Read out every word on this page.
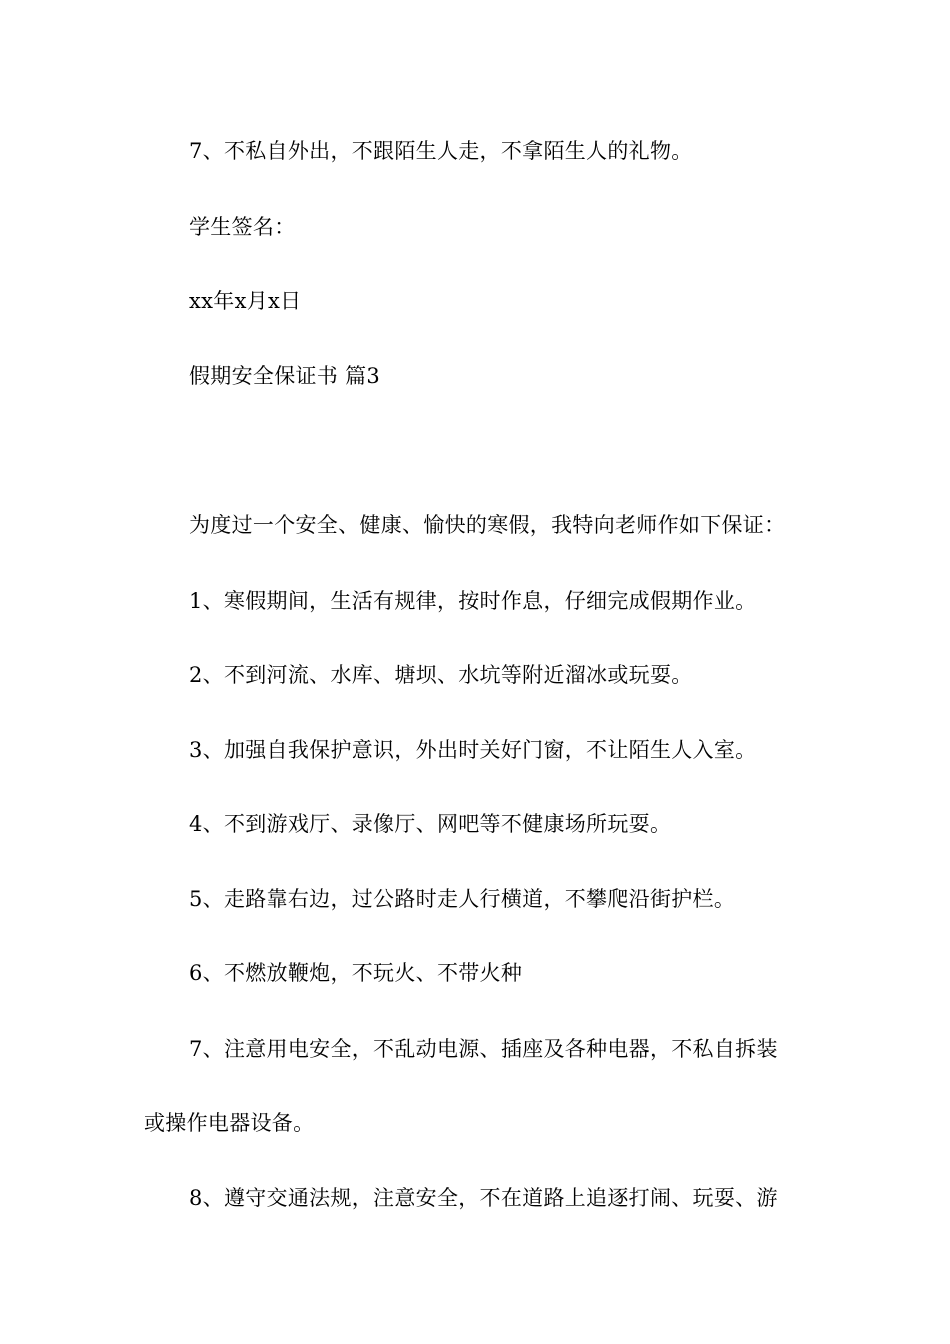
7、不私自外出，不跟陌生人走，不拿陌生人的礼物。
学生签名：
xx年x月x日
假期安全保证书 篇3
为度过一个安全、健康、愉快的寒假，我特向老师作如下保证：
1、寒假期间，生活有规律，按时作息，仔细完成假期作业。
2、不到河流、水库、塘坝、水坑等附近溜冰或玩耍。
3、加强自我保护意识，外出时关好门窗，不让陌生人入室。
4、不到游戏厅、录像厅、网吧等不健康场所玩耍。
5、走路靠右边，过公路时走人行横道，不攀爬沿街护栏。
6、不燃放鞭炮，不玩火、不带火种
7、注意用电安全，不乱动电源、插座及各种电器，不私自拆装
或操作电器设备。
8、遵守交通法规，注意安全，不在道路上追逐打闹、玩耍、游
